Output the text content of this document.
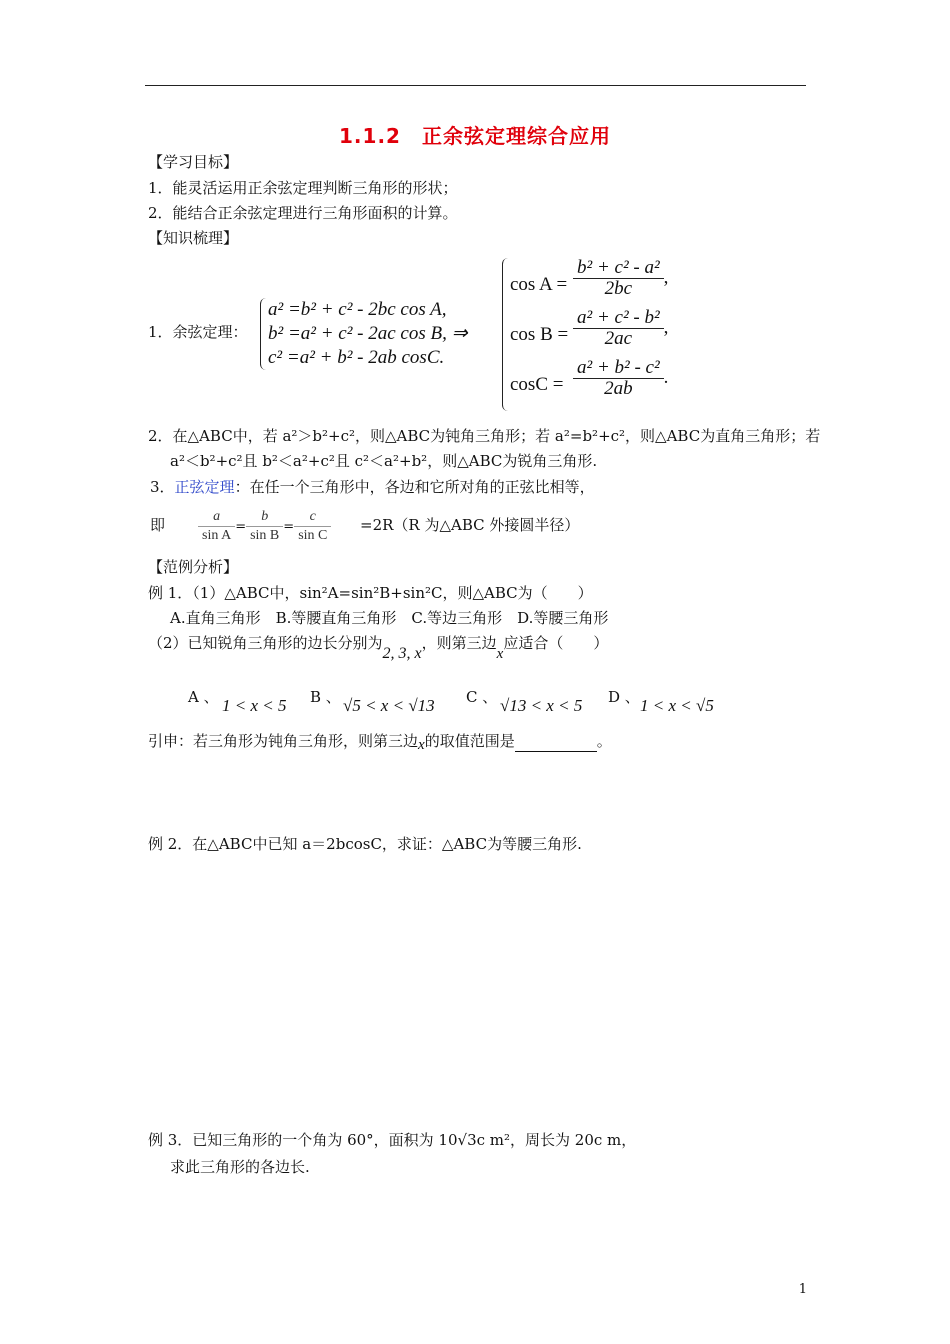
1.1.2　正余弦定理综合应用
【学习目标】
1．能灵活运用正余弦定理判断三角形的形状；
2．能结合正余弦定理进行三角形面积的计算。
【知识梳理】
1．余弦定理：
a² =b² + c² - 2bc cos A,
b² =a² + c² - 2ac cos B, ⇒
c² =a² + b² - 2ab cosC.
$\cos A = \frac{\text{b² + c² - a²}}{2bc}$ ,
$\cos B = \frac{\text{a² + c² - b²}}{2ac}$ ,
$\cos C = \frac{\text{a² + b² - c²}}{2ab}$ .
2．在△ABC中，若 a²＞b²+c²，则△ABC为钝角三角形；若 a²=b²+c²，则△ABC为直角三角形；若
a²＜b²+c²且 b²＜a²+c²且 c²＜a²+b²，则△ABC为锐角三角形.
3．正弦定理：在任一个三角形中，各边和它所对角的正弦比相等，
即 $\frac{a}{\text{sin A}} = \frac{b}{\text{sin B}} = \frac{c}{\text{sin C}} =2R(R$ 为△ABC 外接圆半径）
【范例分析】
例 1．（1）△ABC中，sin²A=sin²B+sin²C，则△ABC为（　　）
A.直角三角形　B.等腰直角三角形　C.等边三角形　D.等腰三角形
（2）已知锐角三角形的边长分别为2, 3, x，则第三边x应适合（　　）
A 、 1 < x < 5 B 、 √5 < x < √13 C 、 √13 < x < 5 D 、 1 < x < √5
引申：若三角形为钝角三角形，则第三边x的取值范围是	。
例 2．在△ABC中已知 a＝2bcosC，求证：△ABC为等腰三角形.
例 3．已知三角形的一个角为 60°，面积为 10√3c m²，周长为 20c m，
求此三角形的各边长.
1
